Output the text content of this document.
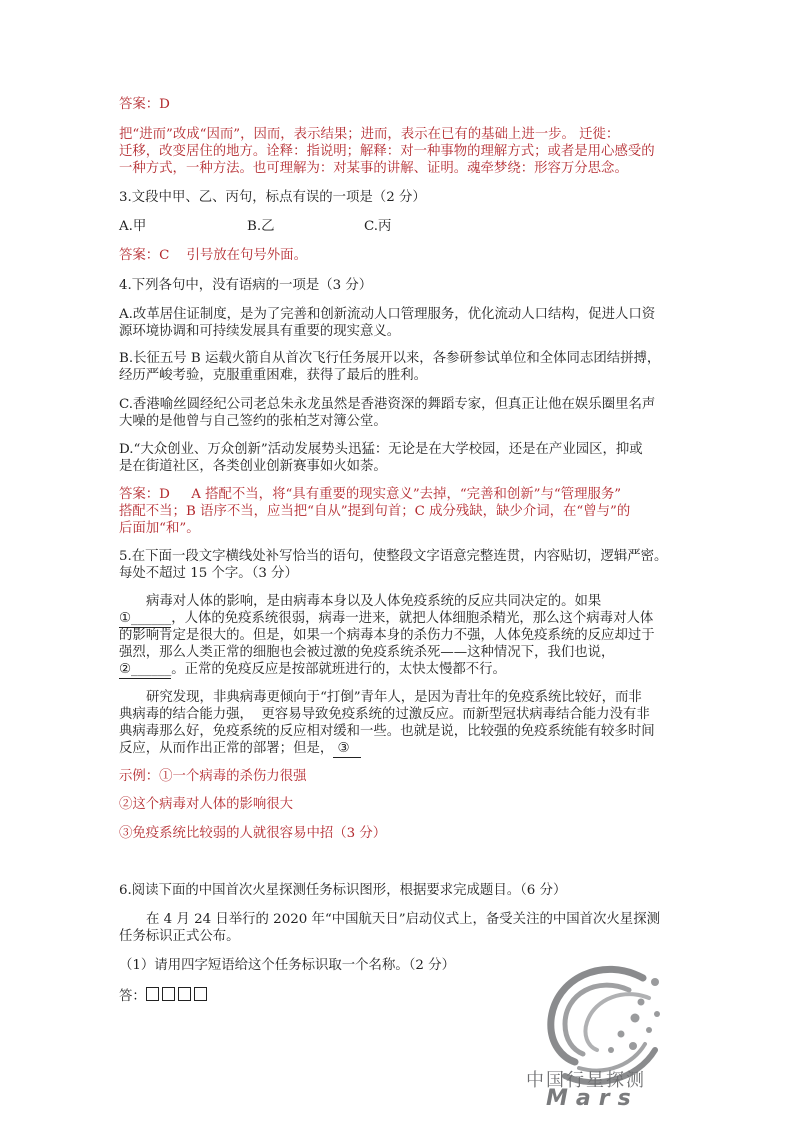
答案：D
把“进而”改成“因而”，因而，表示结果；进而，表示在已有的基础上进一步。 迁徙：
迁移，改变居住的地方。诠释：指说明；解释：对一种事物的理解方式；或者是用心感受的
一种方式，一种方法。也可理解为：对某事的讲解、证明。魂牵梦绕：形容万分思念。
3.文段中甲、乙、丙句，标点有误的一项是（2 分）
A.甲	B.乙	C.丙
答案：C    引号放在句号外面。
4.下列各句中，没有语病的一项是（3 分）
A.改革居住证制度，是为了完善和创新流动人口管理服务，优化流动人口结构，促进人口资
源环境协调和可持续发展具有重要的现实意义。
B.长征五号 B 运载火箭自从首次飞行任务展开以来，各参研参试单位和全体同志团结拼搏，
经历严峻考验，克服重重困难，获得了最后的胜利。
C.香港喻丝圆经纪公司老总朱永龙虽然是香港资深的舞蹈专家，但真正让他在娱乐圈里名声
大噪的是他曾与自己签约的张柏芝对簿公堂。
D.“大众创业、万众创新”活动发展势头迅猛：无论是在大学校园，还是在产业园区，抑或
是在街道社区，各类创业创新赛事如火如荼。
答案：D     A 搭配不当，将“具有重要的现实意义”去掉，“完善和创新”与“管理服务”
搭配不当；B 语序不当，应当把“自从”提到句首；C 成分残缺，缺少介词，在“曾与”的
后面加“和”。
5.在下面一段文字横线处补写恰当的语句，使整段文字语意完整连贯，内容贴切，逻辑严密。
每处不超过 15 个字。（3 分）
病毒对人体的影响，是由病毒本身以及人体免疫系统的反应共同决定的。如果
①______，人体的免疫系统很弱，病毒一进来，就把人体细胞杀精光，那么这个病毒对人体
的影响肯定是很大的。但是，如果一个病毒本身的杀伤力不强，人体免疫系统的反应却过于
强烈，那么人类正常的细胞也会被过激的免疫系统杀死——这种情况下，我们也说，
②______。正常的免疫反应是按部就班进行的，太快太慢都不行。
研究发现，非典病毒更倾向于“打倒”青年人，是因为青壮年的免疫系统比较好，而非
典病毒的结合能力强，  更容易导致免疫系统的过激反应。而新型冠状病毒结合能力没有非
典病毒那么好，免疫系统的反应相对缓和一些。也就是说，比较强的免疫系统能有较多时间
反应，从而作出正常的部署；但是， ③
示例：①一个病毒的杀伤力很强
②这个病毒对人体的影响很大
③免疫系统比较弱的人就很容易中招（3 分）
6.阅读下面的中国首次火星探测任务标识图形，根据要求完成题目。（6 分）
在 4 月 24 日举行的 2020 年“中国航天日”启动仪式上，备受关注的中国首次火星探测
任务标识正式公布。
（1）请用四字短语给这个任务标识取一个名称。（2 分）
答：
中国行星探测
Mars
